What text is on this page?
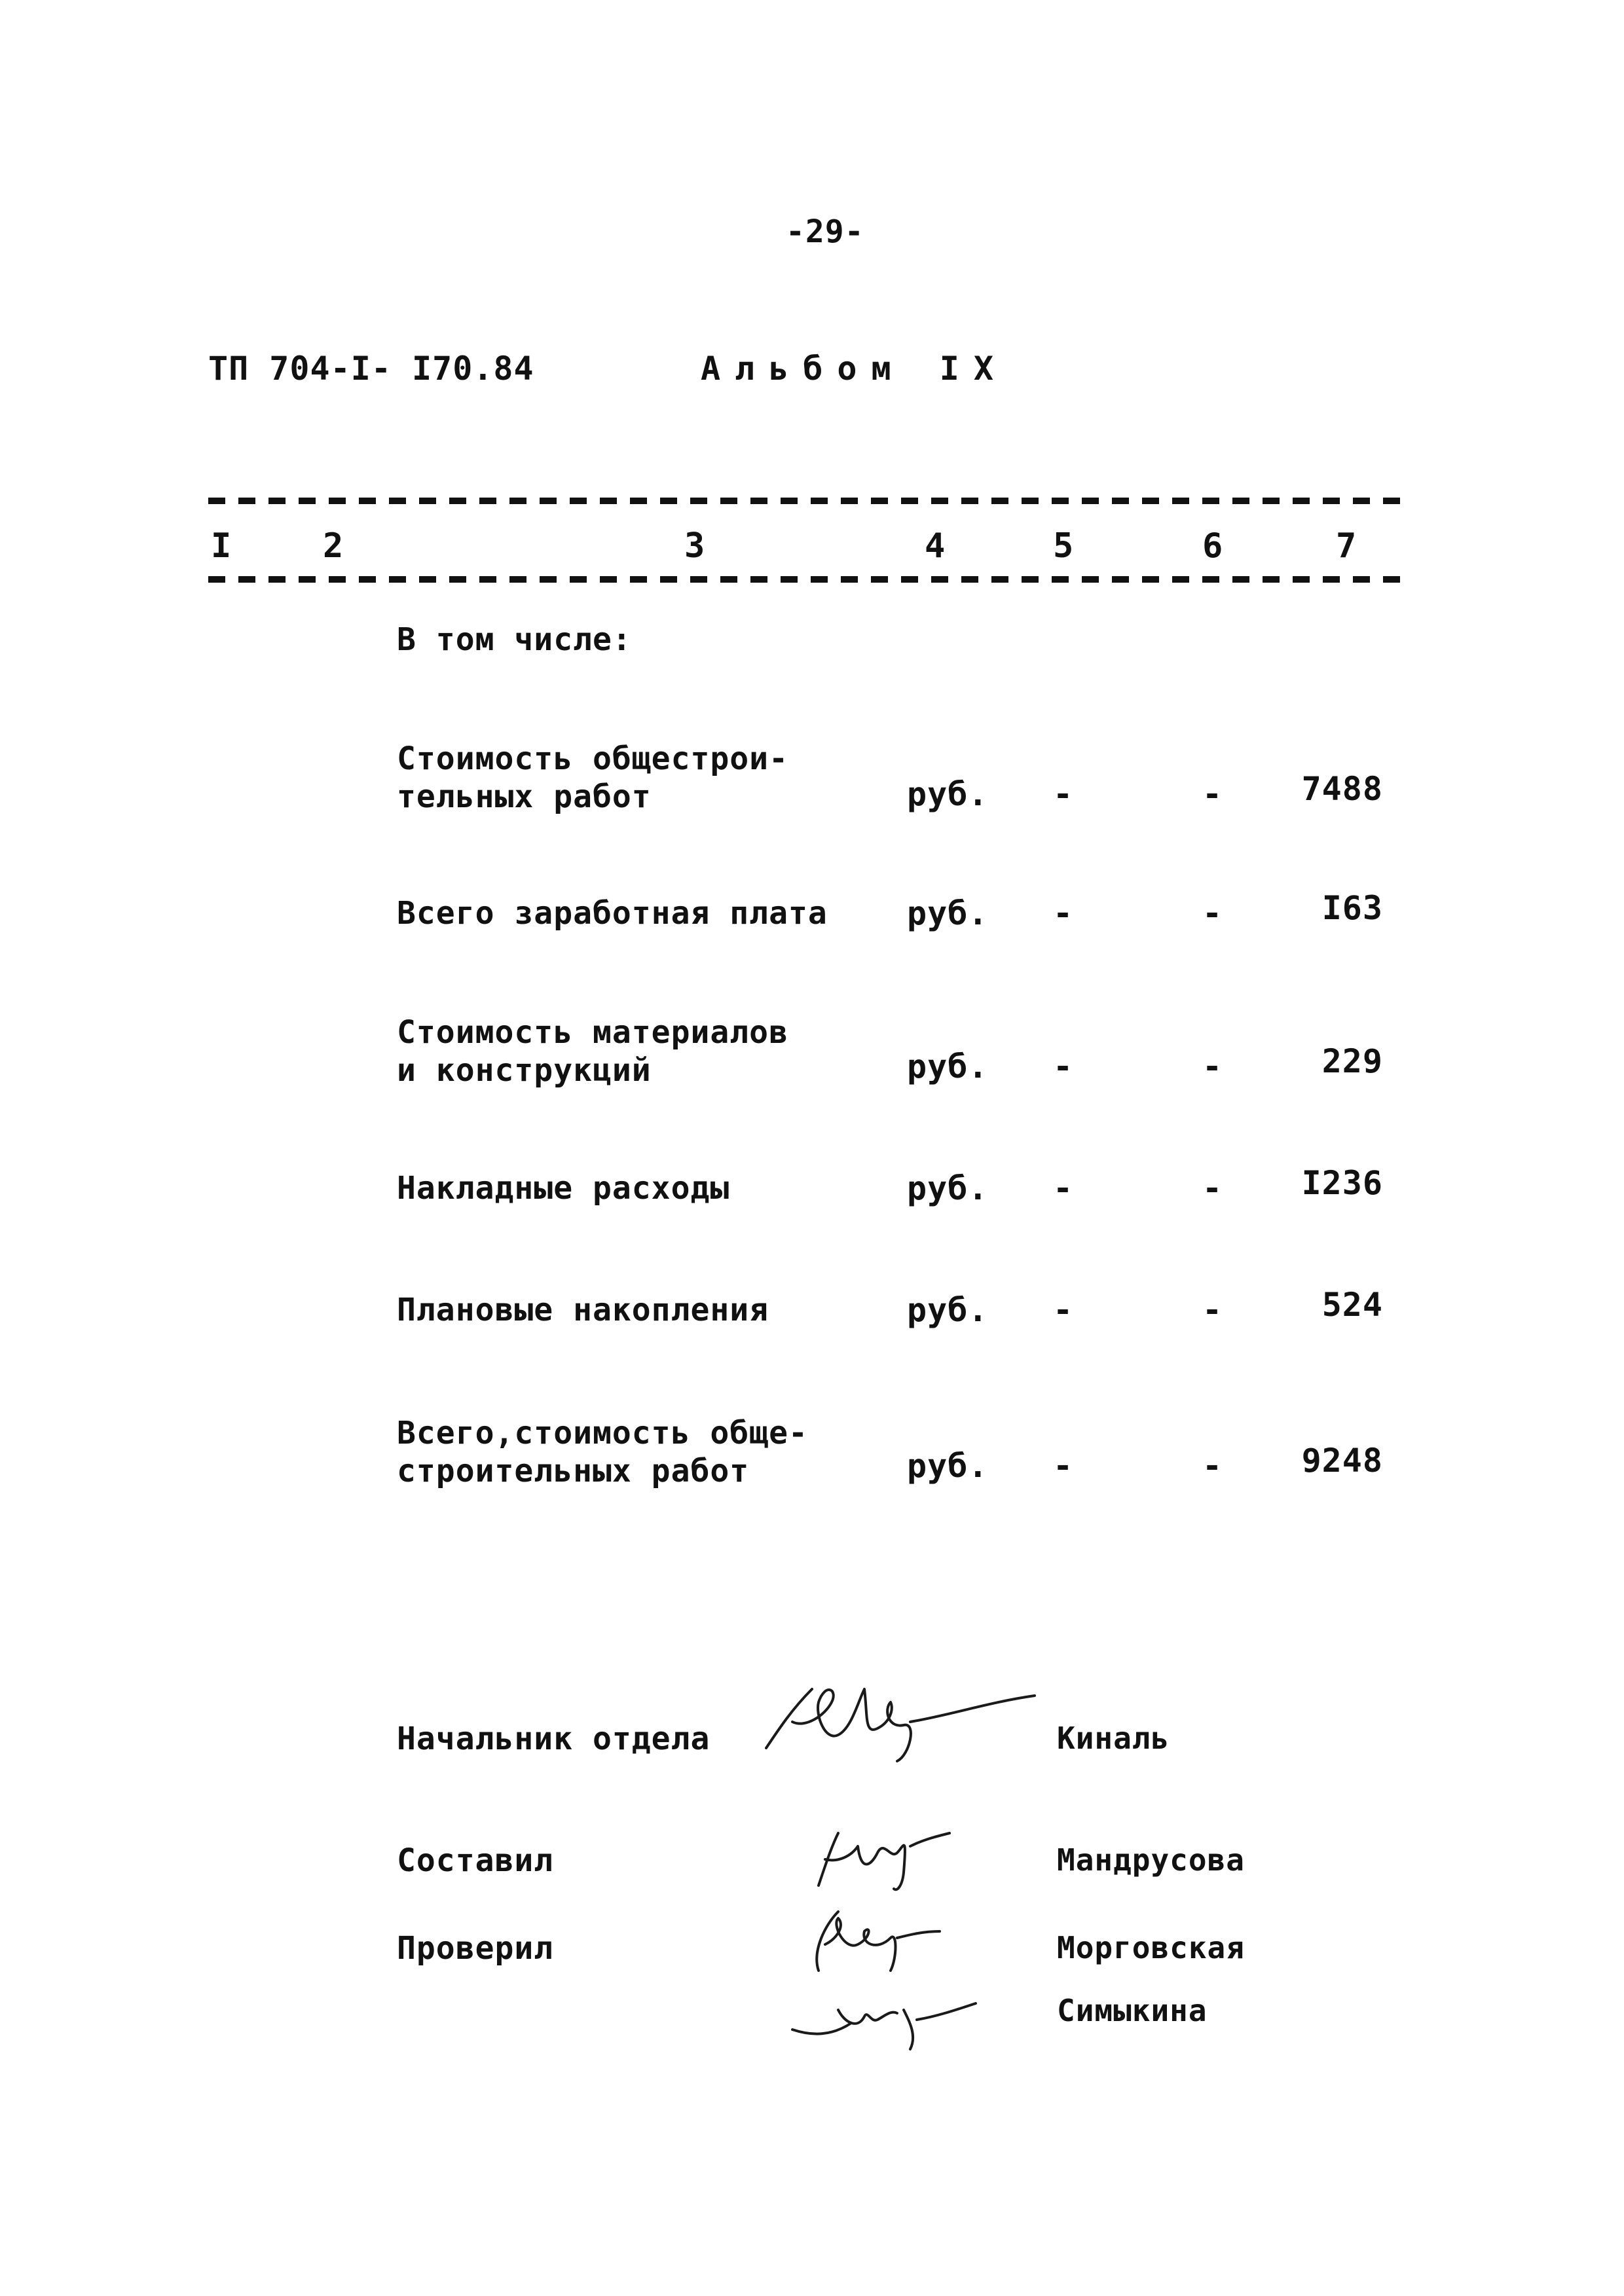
-29-
ТП 704-I- I70.84	Альбом IX
I	2	3	4	5	6	7
В том числе:
Стоимость общестрои-
тельных работ	руб. -	-	7488
Всего заработная плата руб. -	-	I63
Стоимость материалов
и конструкций	руб. -	-	229
Накладные расходы	руб. -	-	I236
Плановые накопления	руб. -	-	524
Всего,стоимость обще-
строительных работ	руб. -	-	9248
Начальник отдела	Киналь
Составил	Мандрусова
Проверил	Морговская
Симыкина
